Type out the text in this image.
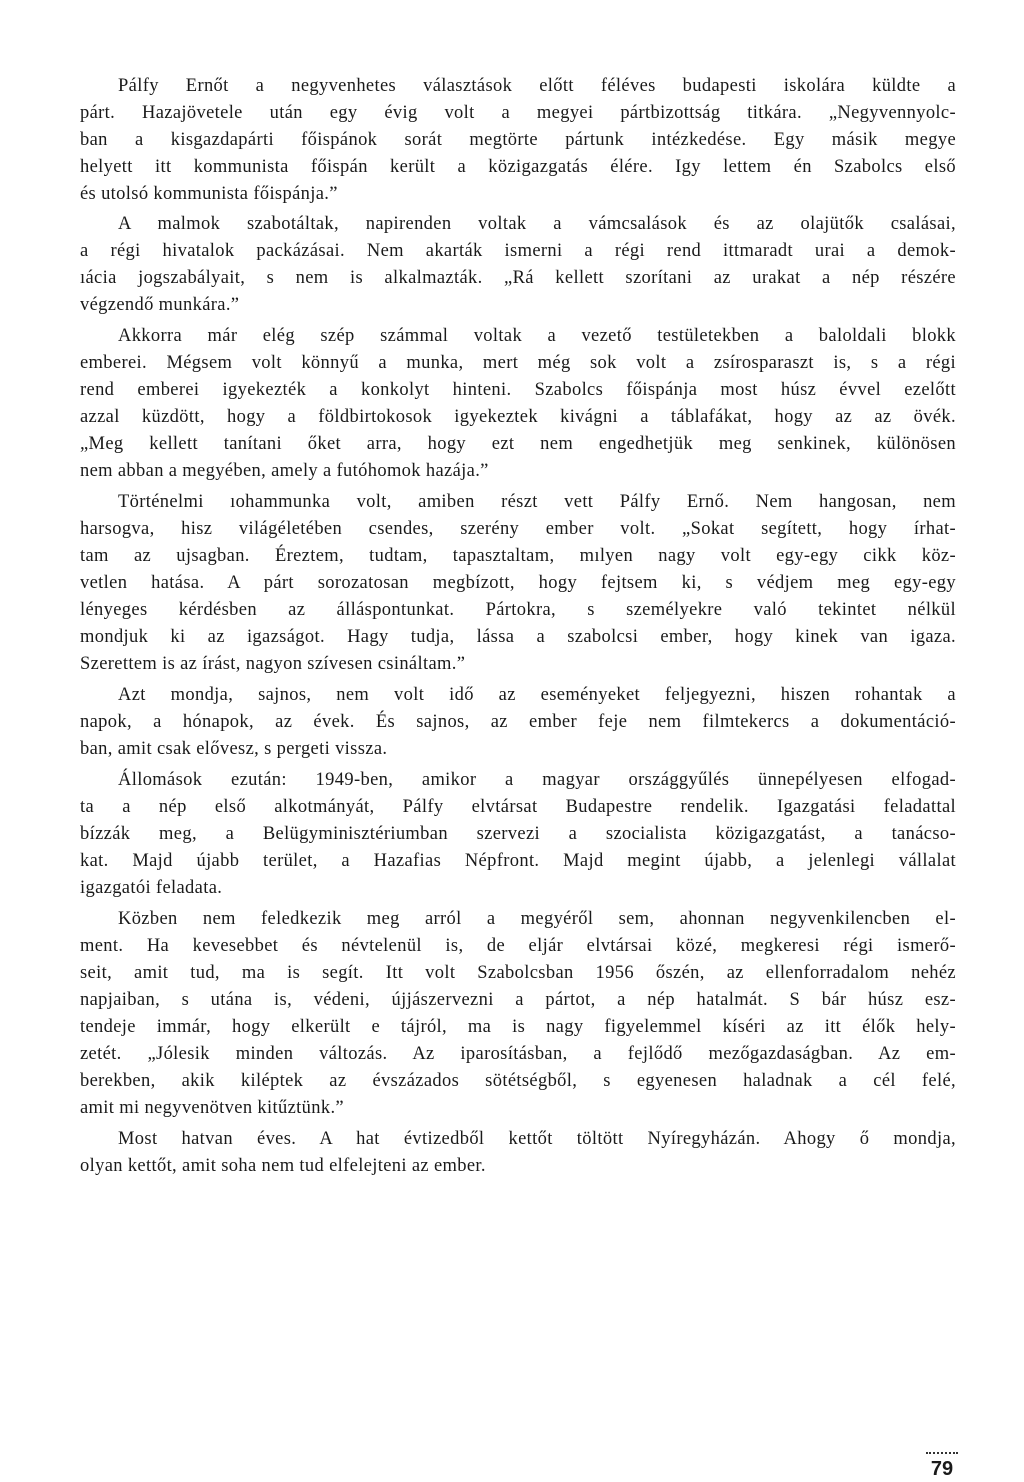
Pálfy Ernőt a negyvenhetes választások előtt féléves budapesti iskolára küldte a
párt. Hazajövetele után egy évig volt a megyei pártbizottság titkára. „Negyvennyolc-
ban a kisgazdapárti főispánok sorát megtörte pártunk intézkedése. Egy másik megye
helyett itt kommunista főispán került a közigazgatás élére. Igy lettem én Szabolcs első
és utolsó kommunista főispánja.”
A malmok szabotáltak, napirenden voltak a vámcsalások és az olajütők csalásai,
a régi hivatalok packázásai. Nem akarták ismerni a régi rend ittmaradt urai a demok-
ıácia jogszabályait, s nem is alkalmazták. „Rá kellett szorítani az urakat a nép részére
végzendő munkára.”
Akkorra már elég szép számmal voltak a vezető testületekben a baloldali blokk
emberei. Mégsem volt könnyű a munka, mert még sok volt a zsírosparaszt is, s a régi
rend emberei igyekezték a konkolyt hinteni. Szabolcs főispánja most húsz évvel ezelőtt
azzal küzdött, hogy a földbirtokosok igyekeztek kivágni a táblafákat, hogy az az övék.
„Meg kellett tanítani őket arra, hogy ezt nem engedhetjük meg senkinek, különösen
nem abban a megyében, amely a futóhomok hazája.”
Történelmi ıohammunka volt, amiben részt vett Pálfy Ernő. Nem hangosan, nem
harsogva, hisz világéletében csendes, szerény ember volt. „Sokat segített, hogy írhat-
tam az ujsagban. Éreztem, tudtam, tapasztaltam, mılyen nagy volt egy-egy cikk köz-
vetlen hatása. A párt sorozatosan megbízott, hogy fejtsem ki, s védjem meg egy-egy
lényeges kérdésben az álláspontunkat. Pártokra, s személyekre való tekintet nélkül
mondjuk ki az igazságot. Hagy tudja, lássa a szabolcsi ember, hogy kinek van igaza.
Szerettem is az írást, nagyon szívesen csináltam.”
Azt mondja, sajnos, nem volt idő az eseményeket feljegyezni, hiszen rohantak a
napok, a hónapok, az évek. És sajnos, az ember feje nem filmtekercs a dokumentáció-
ban, amit csak elővesz, s pergeti vissza.
Állomások ezután: 1949-ben, amikor a magyar országgyűlés ünnepélyesen elfogad-
ta a nép első alkotmányát, Pálfy elvtársat Budapestre rendelik. Igazgatási feladattal
bízzák meg, a Belügyminisztériumban szervezi a szocialista közigazgatást, a tanácso-
kat. Majd újabb terület, a Hazafias Népfront. Majd megint újabb, a jelenlegi vállalat
igazgatói feladata.
Közben nem feledkezik meg arról a megyéről sem, ahonnan negyvenkilencben el-
ment. Ha kevesebbet és névtelenül is, de eljár elvtársai közé, megkeresi régi ismerő-
seit, amit tud, ma is segít. Itt volt Szabolcsban 1956 őszén, az ellenforradalom nehéz
napjaiban, s utána is, védeni, újjászervezni a pártot, a nép hatalmát. S bár húsz esz-
tendeje immár, hogy elkerült e tájról, ma is nagy figyelemmel kíséri az itt élők hely-
zetét. „Jólesik minden változás. Az iparosításban, a fejlődő mezőgazdaságban. Az em-
berekben, akik kiléptek az évszázados sötétségből, s egyenesen haladnak a cél felé,
amit mi negyvenötven kitűztünk.”
Most hatvan éves. A hat évtizedből kettőt töltött Nyíregyházán. Ahogy ő mondja,
olyan kettőt, amit soha nem tud elfelejteni az ember.
79
